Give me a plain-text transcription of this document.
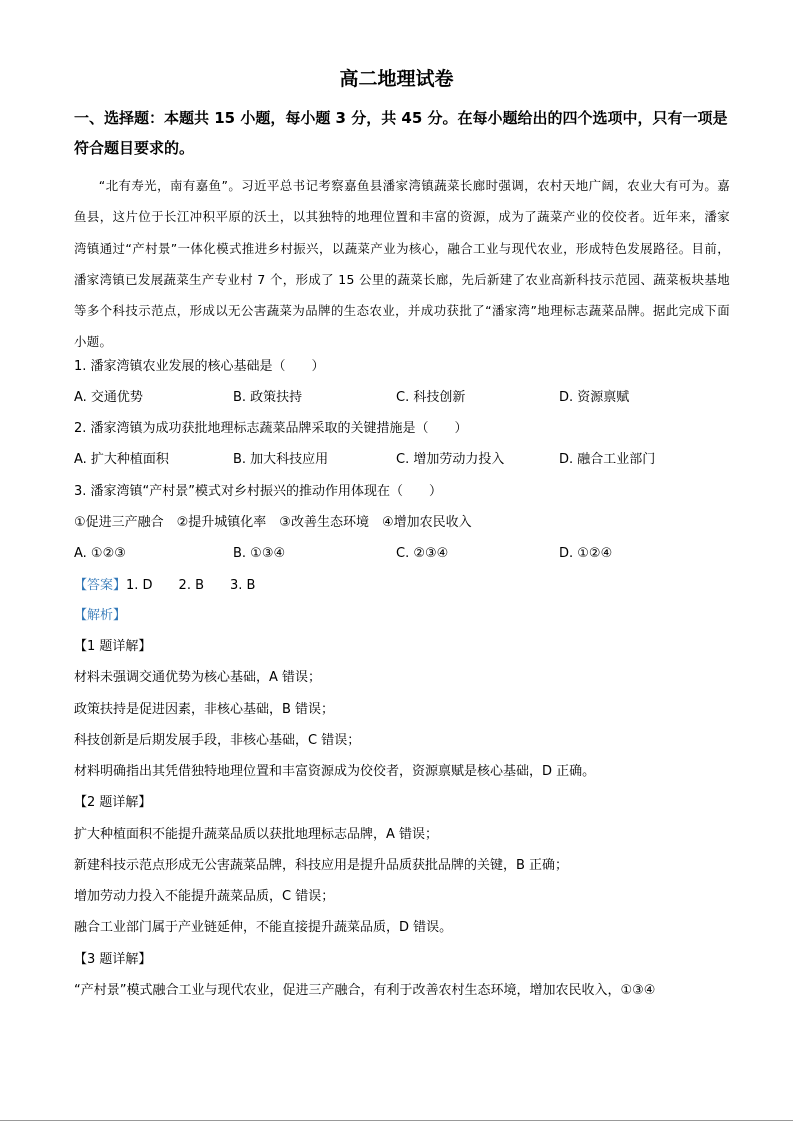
高二地理试卷
一、选择题：本题共 15 小题，每小题 3 分，共 45 分。在每小题给出的四个选项中，只有一项是符合题目要求的。
“北有寿光，南有嘉鱼”。习近平总书记考察嘉鱼县潘家湾镇蔬菜长廊时强调，农村天地广阔，农业大有可为。嘉鱼县，这片位于长江冲积平原的沃土，以其独特的地理位置和丰富的资源，成为了蔬菜产业的佼佼者。近年来，潘家湾镇通过“产村景”一体化模式推进乡村振兴，以蔬菜产业为核心，融合工业与现代农业，形成特色发展路径。目前，潘家湾镇已发展蔬菜生产专业村 7 个，形成了 15 公里的蔬菜长廊，先后新建了农业高新科技示范园、蔬菜板块基地等多个科技示范点，形成以无公害蔬菜为品牌的生态农业，并成功获批了“潘家湾”地理标志蔬菜品牌。据此完成下面小题。
1. 潘家湾镇农业发展的核心基础是（　　）
A. 交通优势	B. 政策扶持	C. 科技创新	D. 资源禀赋
2. 潘家湾镇为成功获批地理标志蔬菜品牌采取的关键措施是（　　）
A. 扩大种植面积	B. 加大科技应用	C. 增加劳动力投入	D. 融合工业部门
3. 潘家湾镇“产村景”模式对乡村振兴的推动作用体现在（　　）
①促进三产融合　②提升城镇化率　③改善生态环境　④增加农民收入
A. ①②③	B. ①③④	C. ②③④	D. ①②④
【答案】1. D　　2. B　　3. B
【解析】
【1 题详解】
材料未强调交通优势为核心基础，A 错误；
政策扶持是促进因素，非核心基础，B 错误；
科技创新是后期发展手段，非核心基础，C 错误；
材料明确指出其凭借独特地理位置和丰富资源成为佼佼者，资源禀赋是核心基础，D 正确。
【2 题详解】
扩大种植面积不能提升蔬菜品质以获批地理标志品牌，A 错误；
新建科技示范点形成无公害蔬菜品牌，科技应用是提升品质获批品牌的关键，B 正确；
增加劳动力投入不能提升蔬菜品质，C 错误；
融合工业部门属于产业链延伸，不能直接提升蔬菜品质，D 错误。
【3 题详解】
“产村景”模式融合工业与现代农业，促进三产融合，有利于改善农村生态环境，增加农民收入，①③④
